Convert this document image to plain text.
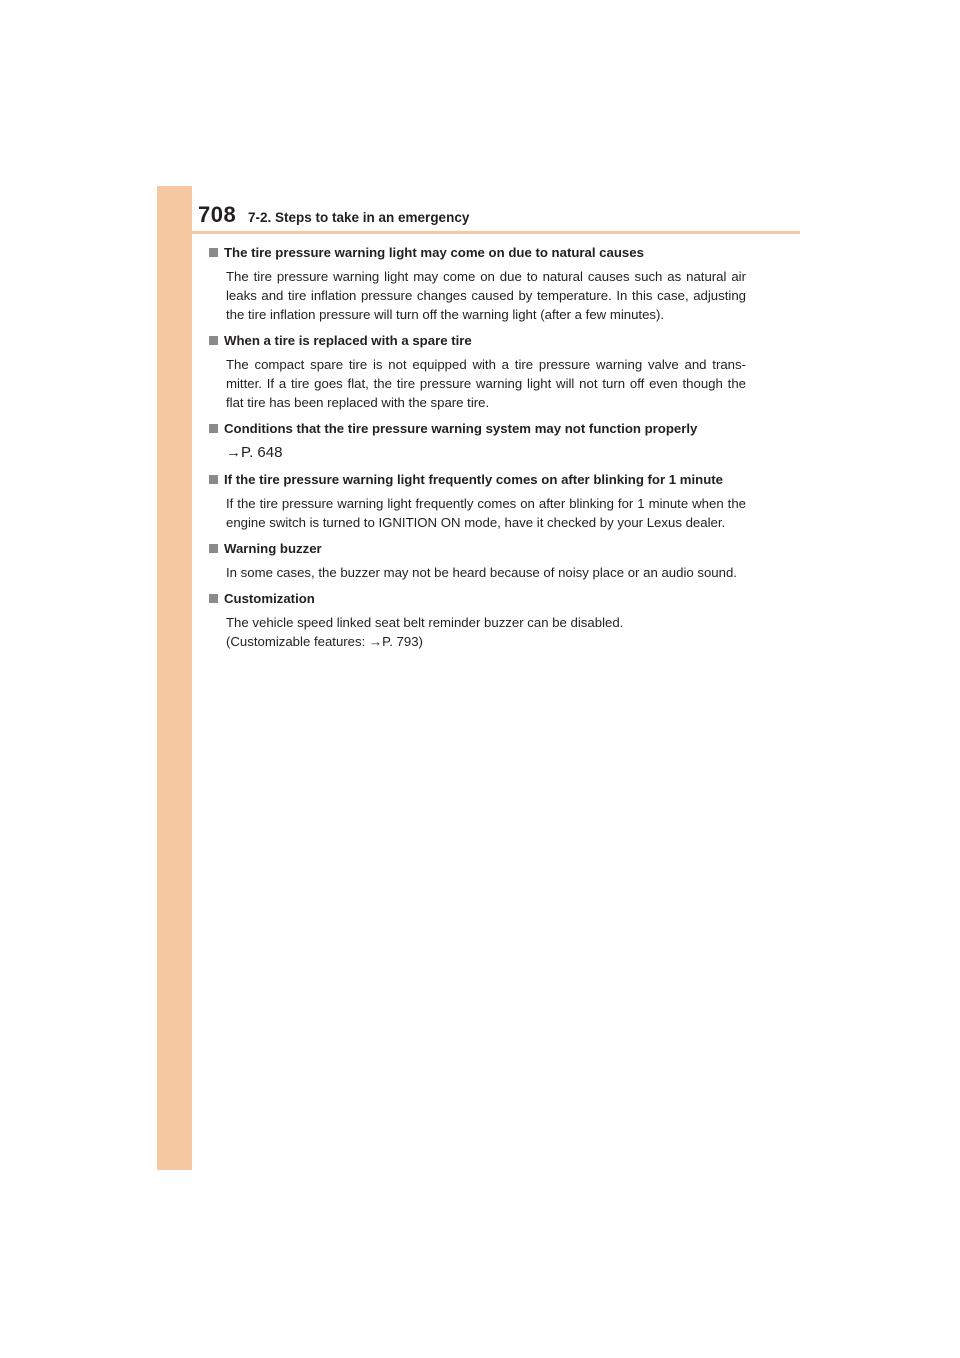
708 7-2. Steps to take in an emergency
The tire pressure warning light may come on due to natural causes
The tire pressure warning light may come on due to natural causes such as natural air leaks and tire inflation pressure changes caused by temperature. In this case, adjusting the tire inflation pressure will turn off the warning light (after a few minutes).
When a tire is replaced with a spare tire
The compact spare tire is not equipped with a tire pressure warning valve and trans-mitter. If a tire goes flat, the tire pressure warning light will not turn off even though the flat tire has been replaced with the spare tire.
Conditions that the tire pressure warning system may not function properly
→P. 648
If the tire pressure warning light frequently comes on after blinking for 1 minute
If the tire pressure warning light frequently comes on after blinking for 1 minute when the engine switch is turned to IGNITION ON mode, have it checked by your Lexus dealer.
Warning buzzer
In some cases, the buzzer may not be heard because of noisy place or an audio sound.
Customization
The vehicle speed linked seat belt reminder buzzer can be disabled.
(Customizable features: →P. 793)
